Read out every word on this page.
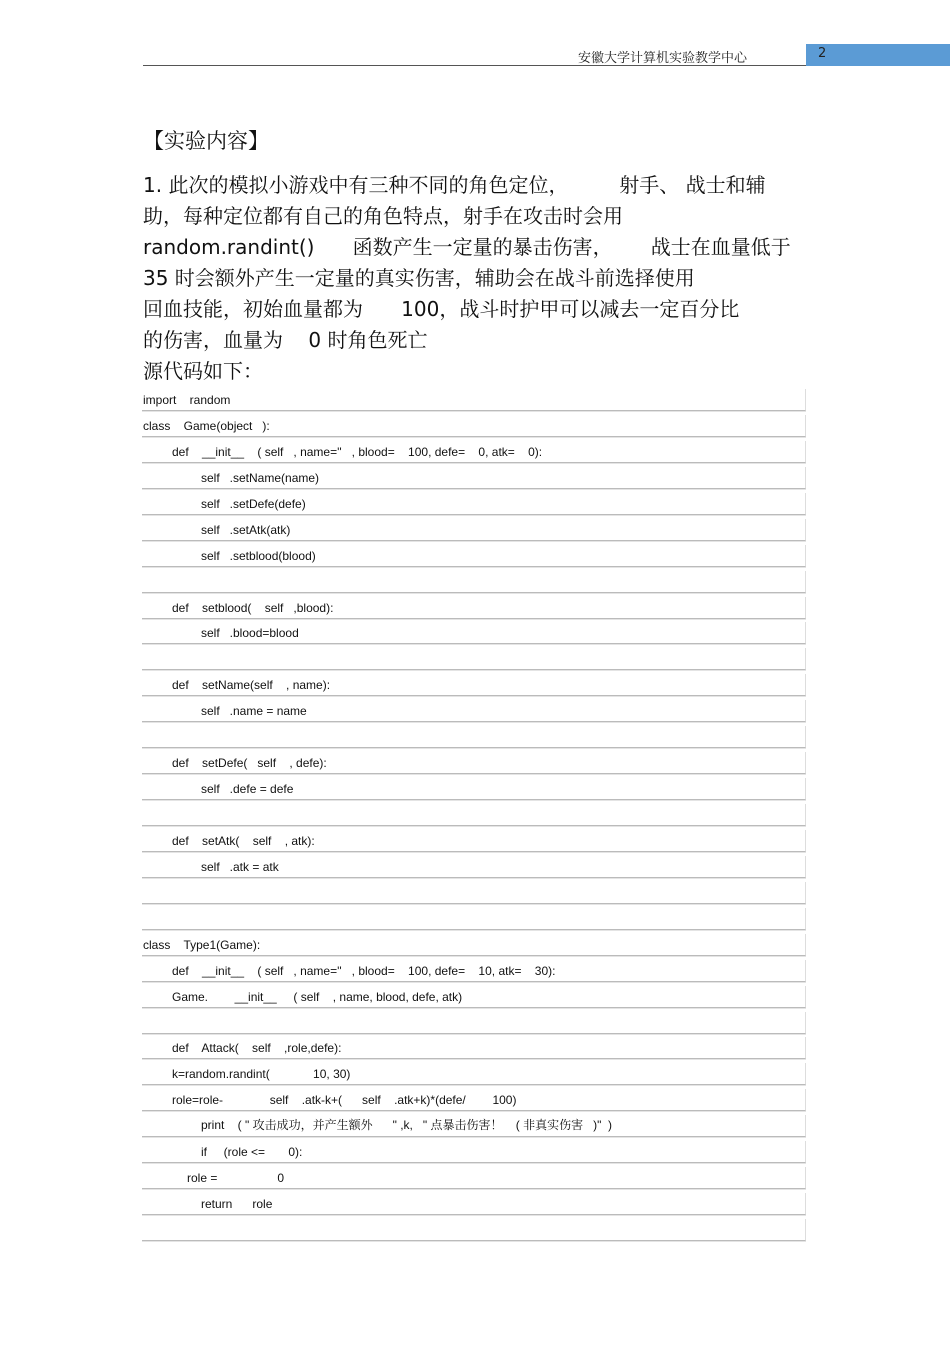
安徽大学计算机实验教学中心	2
【实验内容】
1. 此次的模拟小游戏中有三种不同的角色定位，        射手、 战士和辅
助，每种定位都有自己的角色特点，射手在攻击时会用
random.randint()      函数产生一定量的暴击伤害，      战士在血量低于
35 时会额外产生一定量的真实伤害，辅助会在战斗前选择使用
回血技能，初始血量都为      100，战斗时护甲可以减去一定百分比
的伤害，血量为    0 时角色死亡
源代码如下：
import    random
class    Game(object   ):
def    __init__    ( self   , name=''   , blood=    100, defe=    0, atk=    0):
self   .setName(name)
self   .setDefe(defe)
self   .setAtk(atk)
self   .setblood(blood)
def    setblood(    self   ,blood):
self   .blood=blood
def    setName(self    , name):
self   .name = name
def    setDefe(   self    , defe):
self   .defe = defe
def    setAtk(    self    , atk):
self   .atk = atk
class    Type1(Game):
def    __init__    ( self   , name=''   , blood=    100, defe=    10, atk=    30):
Game.        __init__     ( self    , name, blood, defe, atk)
def    Attack(    self    ,role,defe):
k=random.randint(             10, 30)
role=role-              self    .atk-k+(      self    .atk+k)*(defe/        100)
print    ( " 攻击成功，并产生额外      " ,k,   " 点暴击伤害！    ( 非真实伤害   )"  )
if     (role <=       0):
role =                  0
return      role
